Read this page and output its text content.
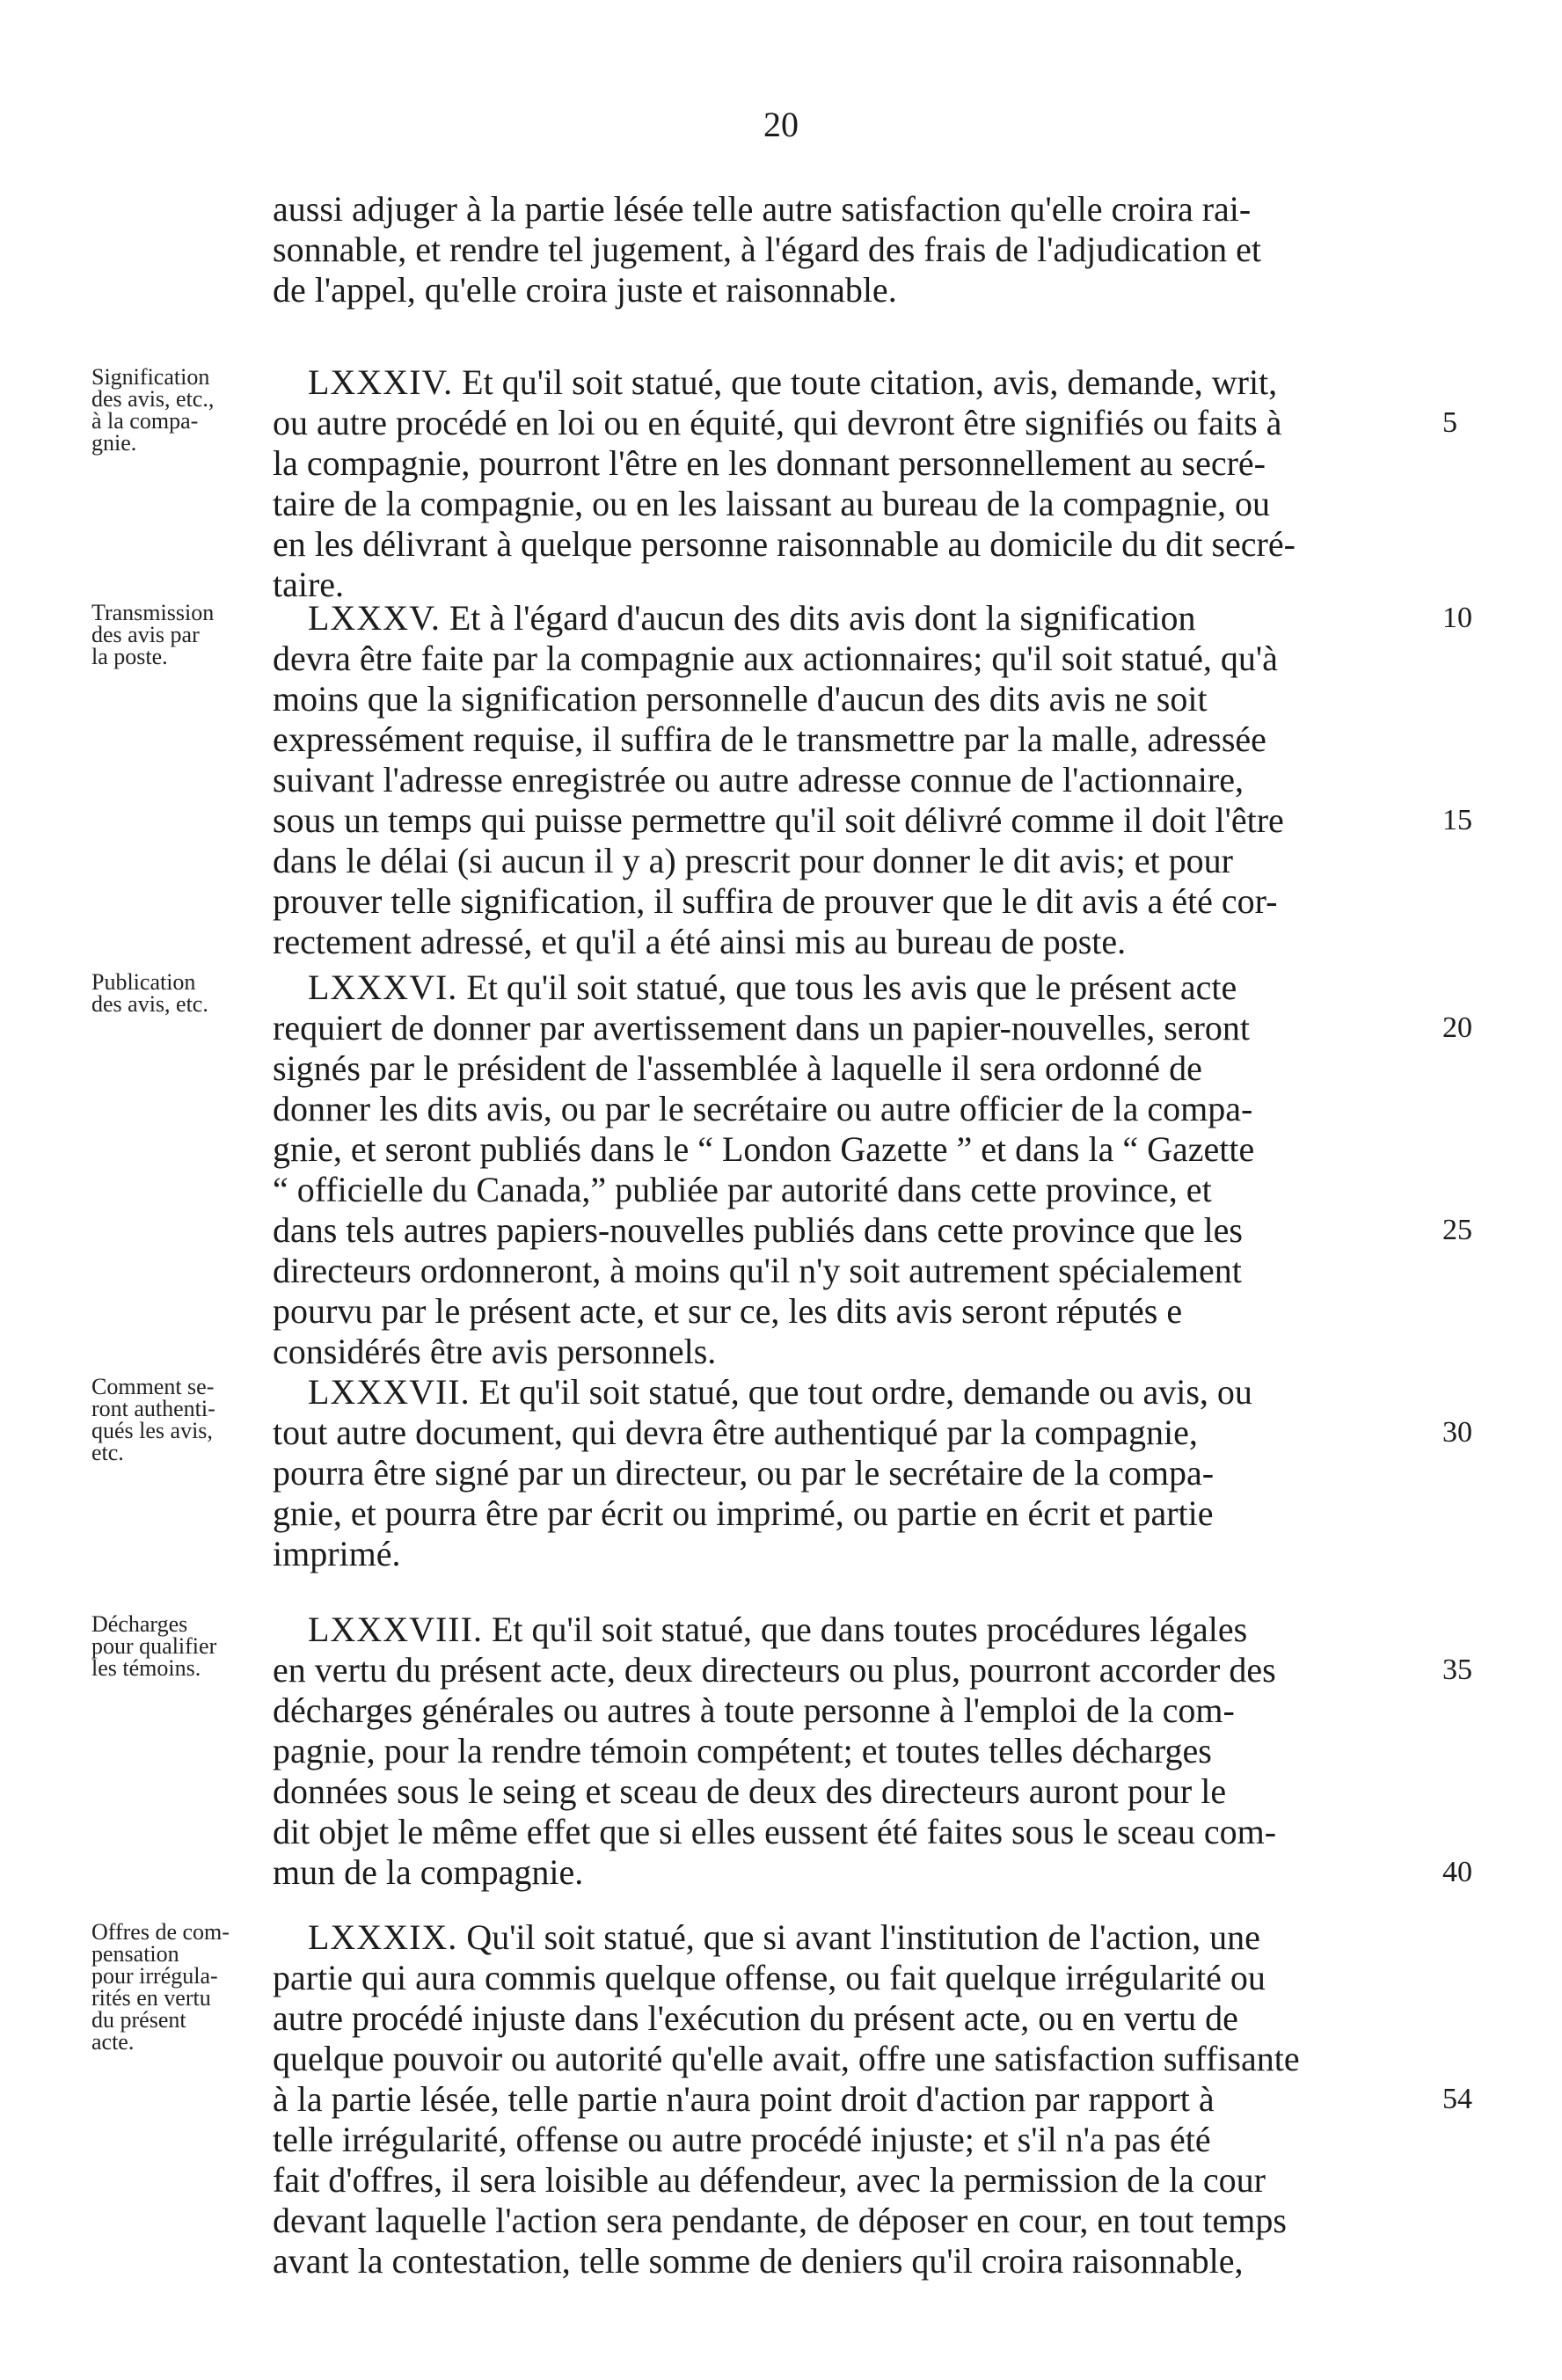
20
aussi adjuger à la partie lésée telle autre satisfaction qu'elle croira rai-
sonnable, et rendre tel jugement, à l'égard des frais de l'adjudication et
de l'appel, qu'elle croira juste et raisonnable.
Signification
des avis, etc.,
à la compa-
gnie.
LXXXIV. Et qu'il soit statué, que toute citation, avis, demande, writ,
ou autre procédé en loi ou en équité, qui devront être signifiés ou faits à
la compagnie, pourront l'être en les donnant personnellement au secré-
taire de la compagnie, ou en les laissant au bureau de la compagnie, ou
en les délivrant à quelque personne raisonnable au domicile du dit secré-
taire.
5
Transmission
des avis par
la poste.
LXXXV. Et à l'égard d'aucun des dits avis dont la signification
devra être faite par la compagnie aux actionnaires; qu'il soit statué, qu'à
moins que la signification personnelle d'aucun des dits avis ne soit
expressément requise, il suffira de le transmettre par la malle, adressée
suivant l'adresse enregistrée ou autre adresse connue de l'actionnaire,
sous un temps qui puisse permettre qu'il soit délivré comme il doit l'être
dans le délai (si aucun il y a) prescrit pour donner le dit avis; et pour
prouver telle signification, il suffira de prouver que le dit avis a été cor-
rectement adressé, et qu'il a été ainsi mis au bureau de poste.
10
15
Publication
des avis, etc.	LXXXVI. Et qu'il soit statué, que tous les avis que le présent acte
requiert de donner par avertissement dans un papier-nouvelles, seront
signés par le président de l'assemblée à laquelle il sera ordonné de
donner les dits avis, ou par le secrétaire ou autre officier de la compa-
gnie, et seront publiés dans le “ London Gazette ” et dans la “ Gazette
“ officielle du Canada,” publiée par autorité dans cette province, et
dans tels autres papiers-nouvelles publiés dans cette province que les
directeurs ordonneront, à moins qu'il n'y soit autrement spécialement
pourvu par le présent acte, et sur ce, les dits avis seront réputés e
considérés être avis personnels.
20
25
Comment se-
ront authenti-
qués les avis,
etc.
LXXXVII. Et qu'il soit statué, que tout ordre, demande ou avis, ou
tout autre document, qui devra être authentiqué par la compagnie,
pourra être signé par un directeur, ou par le secrétaire de la compa-
gnie, et pourra être par écrit ou imprimé, ou partie en écrit et partie
imprimé.
30
Décharges
pour qualifier
les témoins.
LXXXVIII. Et qu'il soit statué, que dans toutes procédures légales
en vertu du présent acte, deux directeurs ou plus, pourront accorder des
décharges générales ou autres à toute personne à l'emploi de la com-
pagnie, pour la rendre témoin compétent; et toutes telles décharges
données sous le seing et sceau de deux des directeurs auront pour le
dit objet le même effet que si elles eussent été faites sous le sceau com-
mun de la compagnie.
35
40
Offres de com-
pensation
pour irrégula-
rités en vertu
du présent
acte.
LXXXIX. Qu'il soit statué, que si avant l'institution de l'action, une
partie qui aura commis quelque offense, ou fait quelque irrégularité ou
autre procédé injuste dans l'exécution du présent acte, ou en vertu de
quelque pouvoir ou autorité qu'elle avait, offre une satisfaction suffisante
à la partie lésée, telle partie n'aura point droit d'action par rapport à
telle irrégularité, offense ou autre procédé injuste; et s'il n'a pas été
fait d'offres, il sera loisible au défendeur, avec la permission de la cour
devant laquelle l'action sera pendante, de déposer en cour, en tout temps
avant la contestation, telle somme de deniers qu'il croira raisonnable,
54
